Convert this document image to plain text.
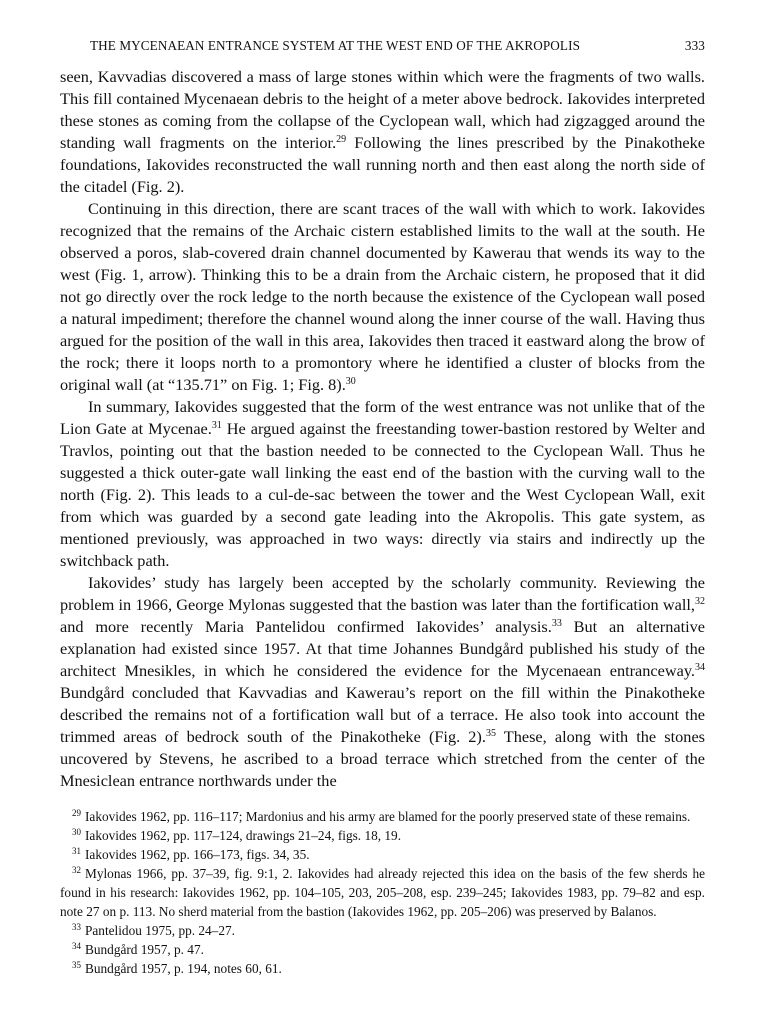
THE MYCENAEAN ENTRANCE SYSTEM AT THE WEST END OF THE AKROPOLIS	333

seen, Kavvadias discovered a mass of large stones within which were the fragments of two walls. This fill contained Mycenaean debris to the height of a meter above bedrock. Iakovides interpreted these stones as coming from the collapse of the Cyclopean wall, which had zigzagged around the standing wall fragments on the interior.$^{29}$ Following the lines prescribed by the Pinakotheke foundations, Iakovides reconstructed the wall running north and then east along the north side of the citadel (Fig. 2).

Continuing in this direction, there are scant traces of the wall with which to work. Iakovides recognized that the remains of the Archaic cistern established limits to the wall at the south. He observed a poros, slab-covered drain channel documented by Kawerau that wends its way to the west (Fig. 1, arrow). Thinking this to be a drain from the Archaic cistern, he proposed that it did not go directly over the rock ledge to the north because the existence of the Cyclopean wall posed a natural impediment; therefore the channel wound along the inner course of the wall. Having thus argued for the position of the wall in this area, Iakovides then traced it eastward along the brow of the rock; there it loops north to a promontory where he identified a cluster of blocks from the original wall (at “135.71” on Fig. 1; Fig. 8).$^{30}$

In summary, Iakovides suggested that the form of the west entrance was not unlike that of the Lion Gate at Mycenae.$^{31}$ He argued against the freestanding tower-bastion restored by Welter and Travlos, pointing out that the bastion needed to be connected to the Cyclopean Wall. Thus he suggested a thick outer-gate wall linking the east end of the bastion with the curving wall to the north (Fig. 2). This leads to a cul-de-sac between the tower and the West Cyclopean Wall, exit from which was guarded by a second gate leading into the Akropolis. This gate system, as mentioned previously, was approached in two ways: directly via stairs and indirectly up the switchback path.

Iakovides’ study has largely been accepted by the scholarly community. Reviewing the problem in 1966, George Mylonas suggested that the bastion was later than the fortification wall,$^{32}$ and more recently Maria Pantelidou confirmed Iakovides’ analysis.$^{33}$ But an alternative explanation had existed since 1957. At that time Johannes Bundgård published his study of the architect Mnesikles, in which he considered the evidence for the Mycenaean entranceway.$^{34}$ Bundgård concluded that Kavvadias and Kawerau’s report on the fill within the Pinakotheke described the remains not of a fortification wall but of a terrace. He also took into account the trimmed areas of bedrock south of the Pinakotheke (Fig. 2).$^{35}$ These, along with the stones uncovered by Stevens, he ascribed to a broad terrace which stretched from the center of the Mnesiclean entrance northwards under the

$^{29}$ Iakovides 1962, pp. 116–117; Mardonius and his army are blamed for the poorly preserved state of these remains.

$^{30}$ Iakovides 1962, pp. 117–124, drawings 21–24, figs. 18, 19.

$^{31}$ Iakovides 1962, pp. 166–173, figs. 34, 35.

$^{32}$ Mylonas 1966, pp. 37–39, fig. 9:1, 2. Iakovides had already rejected this idea on the basis of the few sherds he found in his research: Iakovides 1962, pp. 104–105, 203, 205–208, esp. 239–245; Iakovides 1983, pp. 79–82 and esp. note 27 on p. 113. No sherd material from the bastion (Iakovides 1962, pp. 205–206) was preserved by Balanos.

$^{33}$ Pantelidou 1975, pp. 24–27.

$^{34}$ Bundgård 1957, p. 47.

$^{35}$ Bundgård 1957, p. 194, notes 60, 61.
